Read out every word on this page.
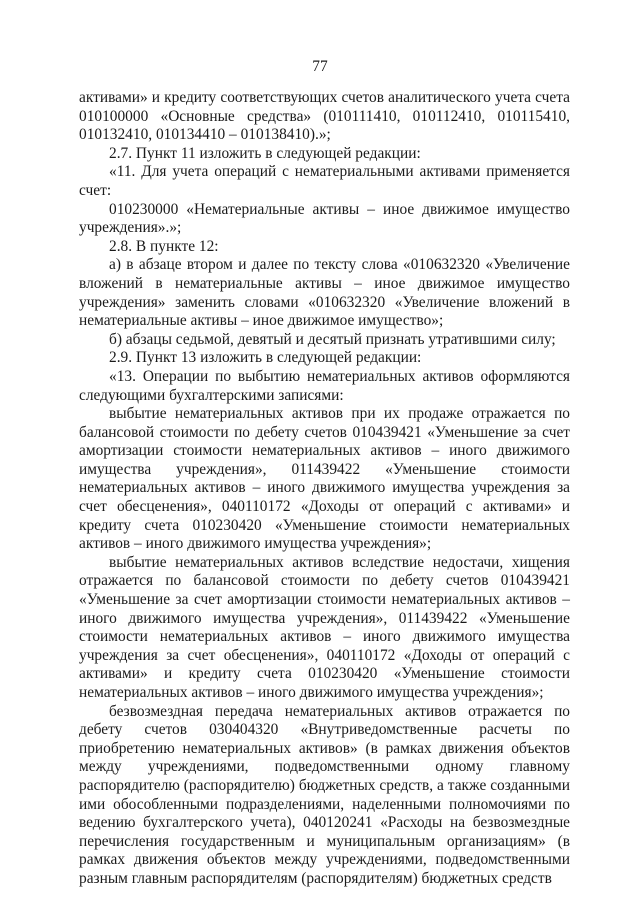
77

активами» и кредиту соответствующих счетов аналитического учета счета 010100000 «Основные средства» (010111410, 010112410, 010115410, 010132410, 010134410 – 010138410).»;

2.7. Пункт 11 изложить в следующей редакции:

«11. Для учета операций с нематериальными активами применяется счет:

010230000 «Нематериальные активы – иное движимое имущество учреждения».»;

2.8. В пункте 12:

а) в абзаце втором и далее по тексту слова «010632320 «Увеличение вложений в нематериальные активы – иное движимое имущество учреждения» заменить словами «010632320 «Увеличение вложений в нематериальные активы – иное движимое имущество»;

б) абзацы седьмой, девятый и десятый признать утратившими силу;

2.9. Пункт 13 изложить в следующей редакции:

«13. Операции по выбытию нематериальных активов оформляются следующими бухгалтерскими записями:

выбытие нематериальных активов при их продаже отражается по балансовой стоимости по дебету счетов 010439421 «Уменьшение за счет амортизации стоимости нематериальных активов – иного движимого имущества учреждения», 011439422 «Уменьшение стоимости нематериальных активов – иного движимого имущества учреждения за счет обесценения», 040110172 «Доходы от операций с активами» и кредиту счета 010230420 «Уменьшение стоимости нематериальных активов – иного движимого имущества учреждения»;

выбытие нематериальных активов вследствие недостачи, хищения отражается по балансовой стоимости по дебету счетов 010439421 «Уменьшение за счет амортизации стоимости нематериальных активов – иного движимого имущества учреждения», 011439422 «Уменьшение стоимости нематериальных активов – иного движимого имущества учреждения за счет обесценения», 040110172 «Доходы от операций с активами» и кредиту счета 010230420 «Уменьшение стоимости нематериальных активов – иного движимого имущества учреждения»;

безвозмездная передача нематериальных активов отражается по дебету счетов 030404320 «Внутриведомственные расчеты по приобретению нематериальных активов» (в рамках движения объектов между учреждениями, подведомственными одному главному распорядителю (распорядителю) бюджетных средств, а также созданными ими обособленными подразделениями, наделенными полномочиями по ведению бухгалтерского учета), 040120241 «Расходы на безвозмездные перечисления государственным и муниципальным организациям» (в рамках движения объектов между учреждениями, подведомственными разным главным распорядителям (распорядителям) бюджетных средств
